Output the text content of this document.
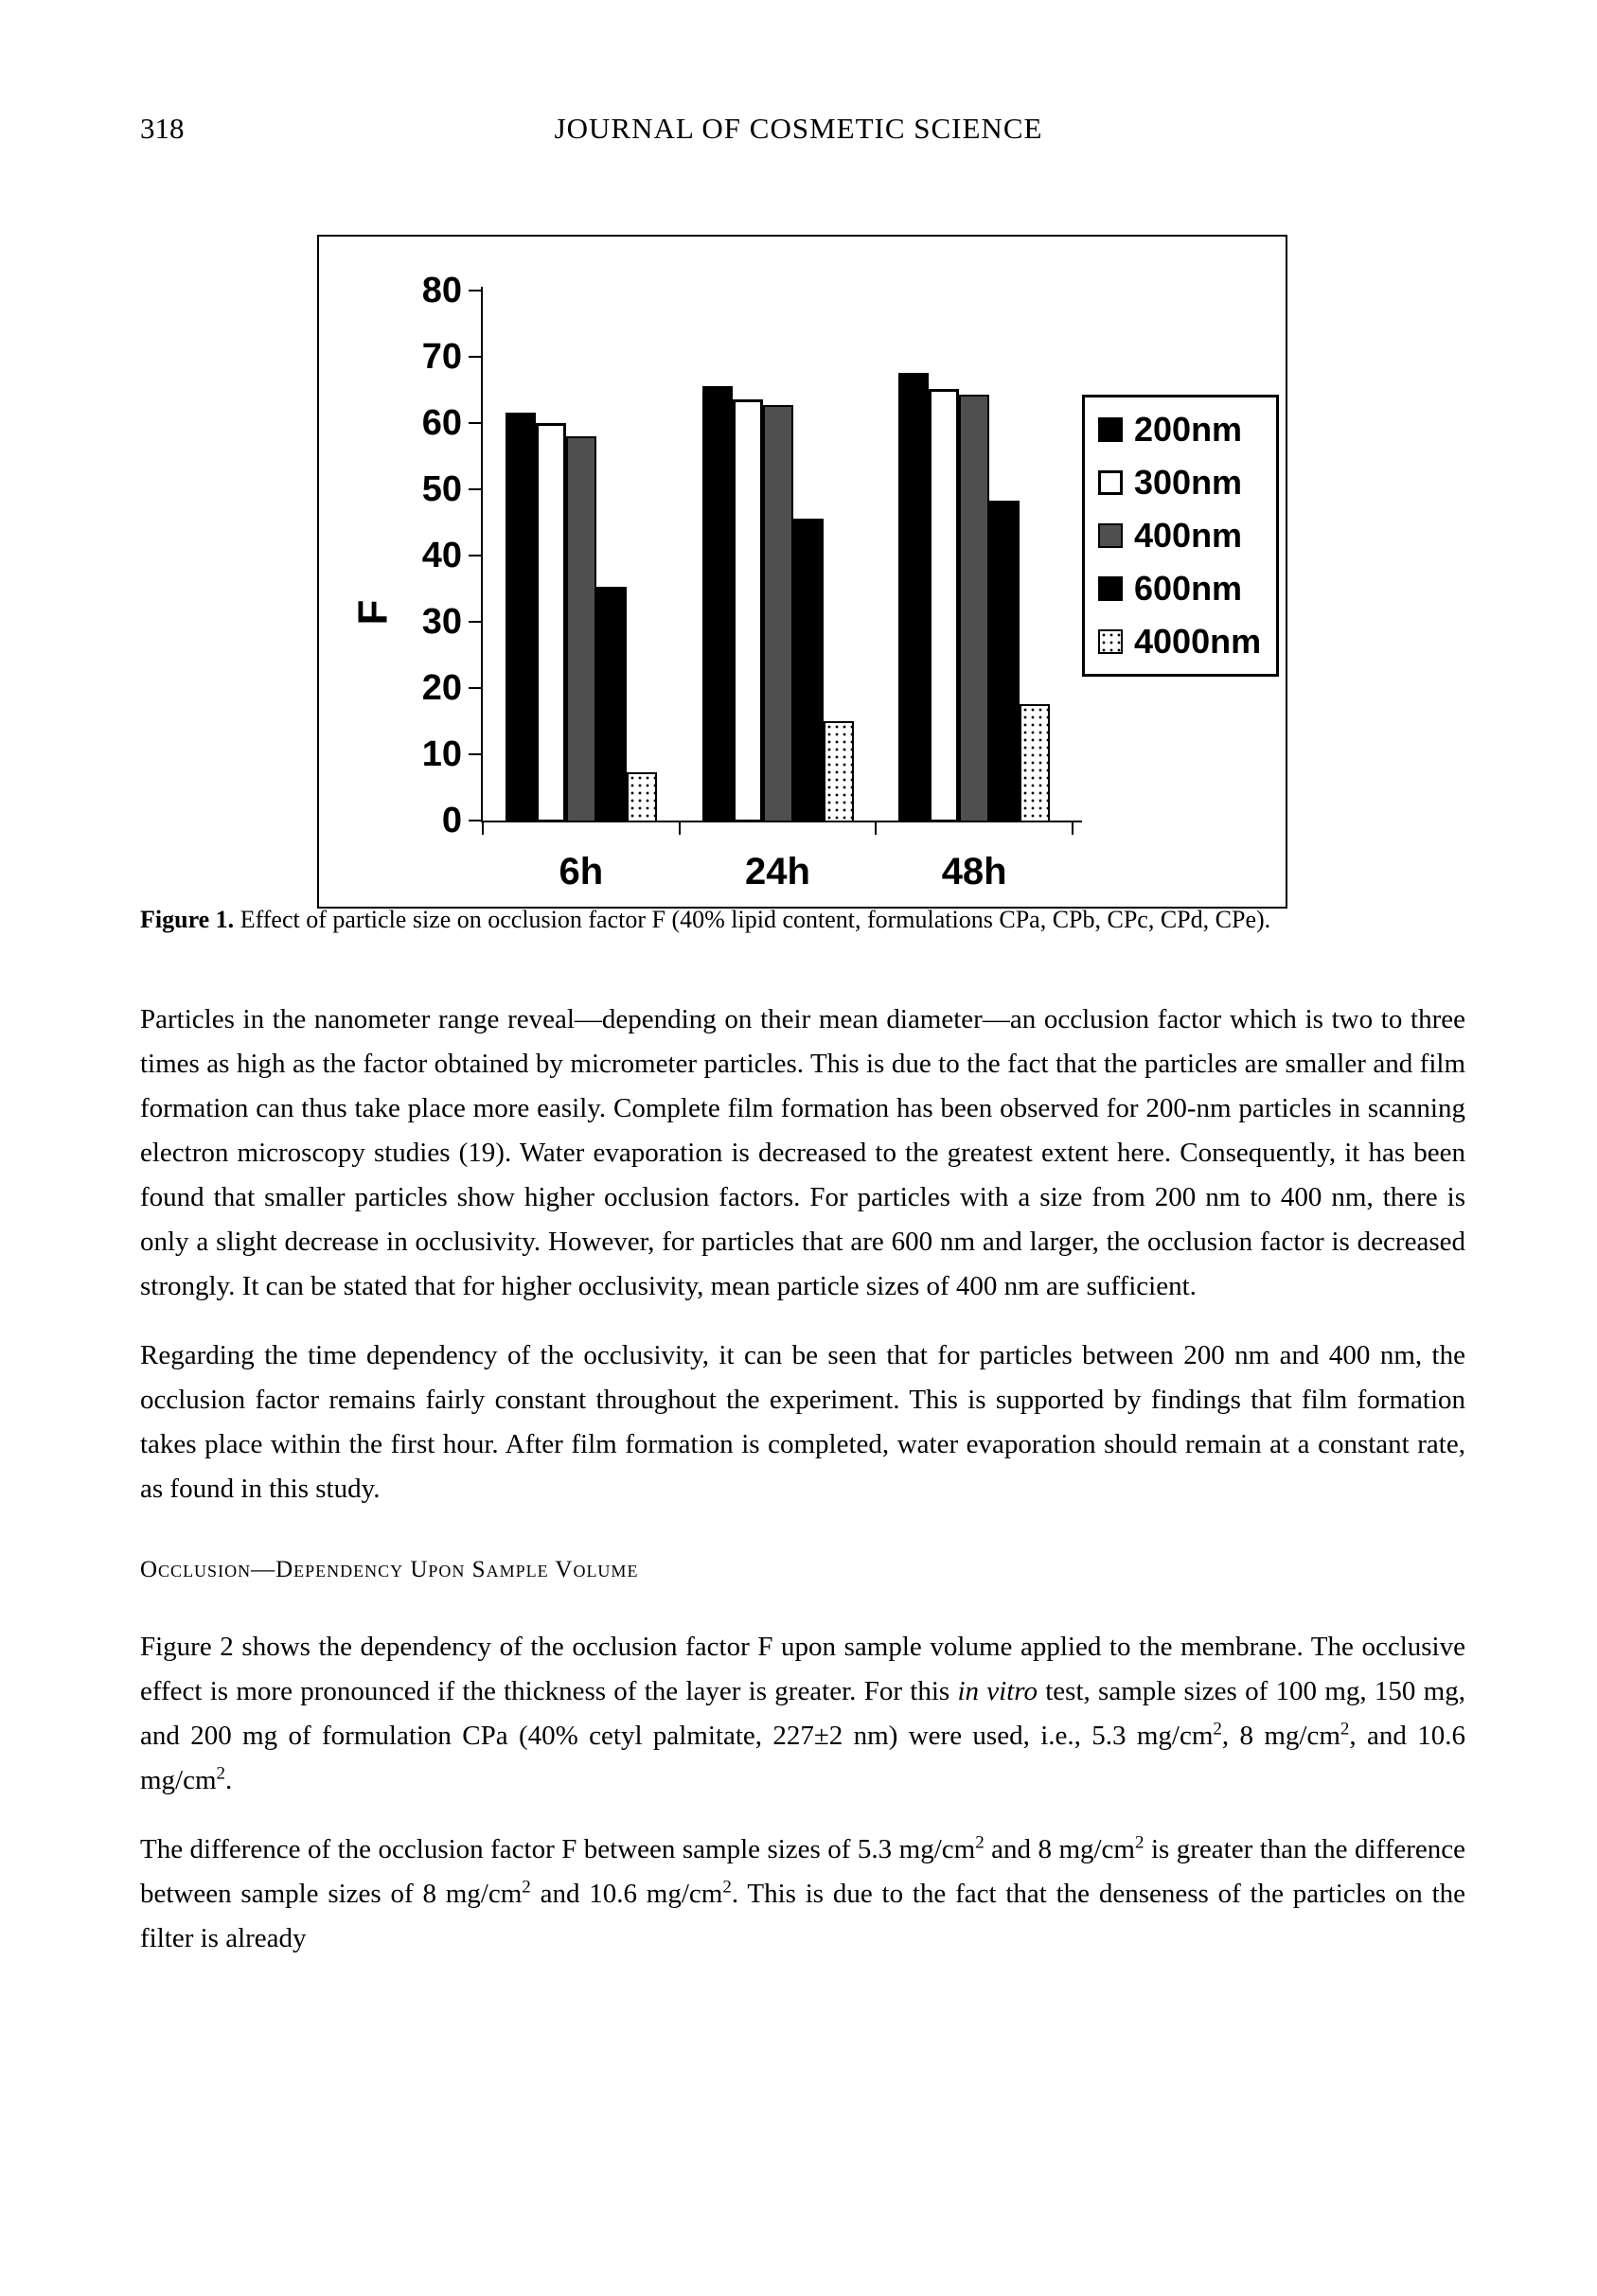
318	JOURNAL OF COSMETIC SCIENCE
F
0
10
20
30
40
50
60
70
80
6h	24h	48h
200nm
300nm
400nm
600nm
4000nm

Figure 1. Effect of particle size on occlusion factor F (40% lipid content, formulations CPa, CPb, CPc, CPd, CPe).

Particles in the nanometer range reveal—depending on their mean diameter—an occlusion factor which is two to three times as high as the factor obtained by micrometer particles. This is due to the fact that the particles are smaller and film formation can thus take place more easily. Complete film formation has been observed for 200-nm particles in scanning electron microscopy studies (19). Water evaporation is decreased to the greatest extent here. Consequently, it has been found that smaller particles show higher occlusion factors. For particles with a size from 200 nm to 400 nm, there is only a slight decrease in occlusivity. However, for particles that are 600 nm and larger, the occlusion factor is decreased strongly. It can be stated that for higher occlusivity, mean particle sizes of 400 nm are sufficient.

Regarding the time dependency of the occlusivity, it can be seen that for particles between 200 nm and 400 nm, the occlusion factor remains fairly constant throughout the experiment. This is supported by findings that film formation takes place within the first hour. After film formation is completed, water evaporation should remain at a constant rate, as found in this study.

Occlusion—Dependency Upon Sample Volume

Figure 2 shows the dependency of the occlusion factor F upon sample volume applied to the membrane. The occlusive effect is more pronounced if the thickness of the layer is greater. For this in vitro test, sample sizes of 100 mg, 150 mg, and 200 mg of formulation CPa (40% cetyl palmitate, 227±2 nm) were used, i.e., 5.3 $mg/cm^2$, 8 $mg/cm^2$, and 10.6 $mg/cm^2$.

The difference of the occlusion factor F between sample sizes of 5.3 $mg/cm^2$ and 8 $mg/cm^2$ is greater than the difference between sample sizes of 8 $mg/cm^2$ and 10.6 $mg/cm^2$. This is due to the fact that the denseness of the particles on the filter is already
